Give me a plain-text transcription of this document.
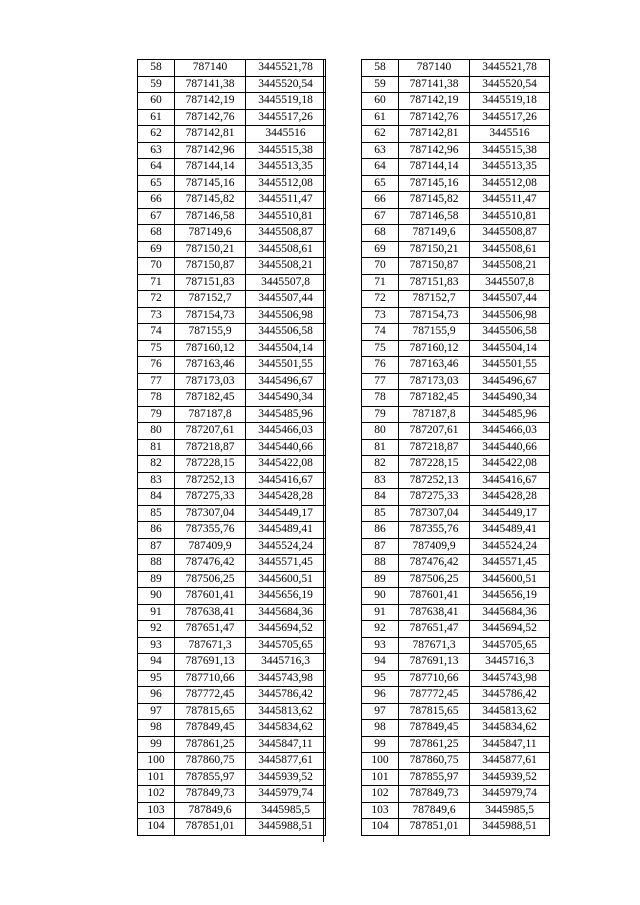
58	787140	3445521,78
59	787141,38	3445520,54
60	787142,19	3445519,18
61	787142,76	3445517,26
62	787142,81	3445516
63	787142,96	3445515,38
64	787144,14	3445513,35
65	787145,16	3445512,08
66	787145,82	3445511,47
67	787146,58	3445510,81
68	787149,6	3445508,87
69	787150,21	3445508,61
70	787150,87	3445508,21
71	787151,83	3445507,8
72	787152,7	3445507,44
73	787154,73	3445506,98
74	787155,9	3445506,58
75	787160,12	3445504,14
76	787163,46	3445501,55
77	787173,03	3445496,67
78	787182,45	3445490,34
79	787187,8	3445485,96
80	787207,61	3445466,03
81	787218,87	3445440,66
82	787228,15	3445422,08
83	787252,13	3445416,67
84	787275,33	3445428,28
85	787307,04	3445449,17
86	787355,76	3445489,41
87	787409,9	3445524,24
88	787476,42	3445571,45
89	787506,25	3445600,51
90	787601,41	3445656,19
91	787638,41	3445684,36
92	787651,47	3445694,52
93	787671,3	3445705,65
94	787691,13	3445716,3
95	787710,66	3445743,98
96	787772,45	3445786,42
97	787815,65	3445813,62
98	787849,45	3445834,62
99	787861,25	3445847,11
100	787860,75	3445877,61
101	787855,97	3445939,52
102	787849,73	3445979,74
103	787849,6	3445985,5
104	787851,01	3445988,51
58	787140	3445521,78
59	787141,38	3445520,54
60	787142,19	3445519,18
61	787142,76	3445517,26
62	787142,81	3445516
63	787142,96	3445515,38
64	787144,14	3445513,35
65	787145,16	3445512,08
66	787145,82	3445511,47
67	787146,58	3445510,81
68	787149,6	3445508,87
69	787150,21	3445508,61
70	787150,87	3445508,21
71	787151,83	3445507,8
72	787152,7	3445507,44
73	787154,73	3445506,98
74	787155,9	3445506,58
75	787160,12	3445504,14
76	787163,46	3445501,55
77	787173,03	3445496,67
78	787182,45	3445490,34
79	787187,8	3445485,96
80	787207,61	3445466,03
81	787218,87	3445440,66
82	787228,15	3445422,08
83	787252,13	3445416,67
84	787275,33	3445428,28
85	787307,04	3445449,17
86	787355,76	3445489,41
87	787409,9	3445524,24
88	787476,42	3445571,45
89	787506,25	3445600,51
90	787601,41	3445656,19
91	787638,41	3445684,36
92	787651,47	3445694,52
93	787671,3	3445705,65
94	787691,13	3445716,3
95	787710,66	3445743,98
96	787772,45	3445786,42
97	787815,65	3445813,62
98	787849,45	3445834,62
99	787861,25	3445847,11
100	787860,75	3445877,61
101	787855,97	3445939,52
102	787849,73	3445979,74
103	787849,6	3445985,5
104	787851,01	3445988,51
